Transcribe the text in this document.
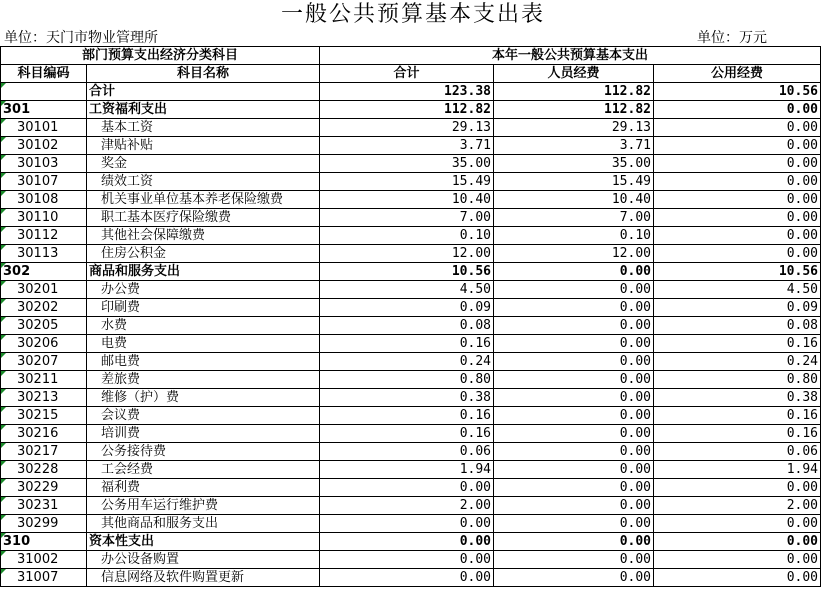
一般公共预算基本支出表
单位：天门市物业管理所	单位：万元
部门预算支出经济分类科目		本年一般公共预算基本支出		
科目编码	科目名称	合计	人员经费	公用经费

	合计	123.38	112.82	10.56

301	工资福利支出	112.82	112.82	0.00

30101	基本工资	29.13	29.13	0.00

30102	津贴补贴	3.71	3.71	0.00

30103	奖金	35.00	35.00	0.00

30107	绩效工资	15.49	15.49	0.00

30108	机关事业单位基本养老保险缴费	10.40	10.40	0.00

30110	职工基本医疗保险缴费	7.00	7.00	0.00

30112	其他社会保障缴费	0.10	0.10	0.00

30113	住房公积金	12.00	12.00	0.00

302	商品和服务支出	10.56	0.00	10.56

30201	办公费	4.50	0.00	4.50

30202	印刷费	0.09	0.00	0.09

30205	水费	0.08	0.00	0.08

30206	电费	0.16	0.00	0.16

30207	邮电费	0.24	0.00	0.24

30211	差旅费	0.80	0.00	0.80

30213	维修（护）费	0.38	0.00	0.38

30215	会议费	0.16	0.00	0.16

30216	培训费	0.16	0.00	0.16

30217	公务接待费	0.06	0.00	0.06

30228	工会经费	1.94	0.00	1.94

30229	福利费	0.00	0.00	0.00

30231	公务用车运行维护费	2.00	0.00	2.00

30299	其他商品和服务支出	0.00	0.00	0.00

310	资本性支出	0.00	0.00	0.00

31002	办公设备购置	0.00	0.00	0.00

31007	信息网络及软件购置更新	0.00	0.00	0.00
